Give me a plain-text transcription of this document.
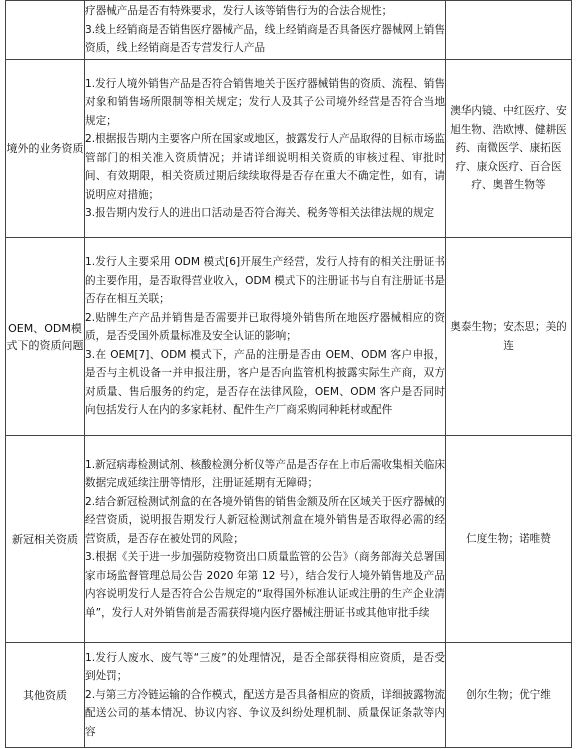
	疗器械产品是否有特殊要求，发行人该等销售行为的合法合规性；
3.线上经销商是否销售医疗器械产品，线上经销商是否具备医疗器械网上销售资质，线上经销商是否专营发行人产品	

境外的业务资质	1.发行人境外销售产品是否符合销售地关于医疗器械销售的资质、流程、销售对象和销售场所限制等相关规定；发行人及其子公司境外经营是否符合当地规定；
2.根据报告期内主要客户所在国家或地区，披露发行人产品取得的目标市场监管部门的相关准入资质情况；并请详细说明相关资质的审核过程、审批时间、有效期限，相关资质过期后续续取得是否存在重大不确定性，如有，请说明应对措施；
3.报告期内发行人的进出口活动是否符合海关、税务等相关法律法规的规定	澳华内镜、中红医疗、安旭生物、浩欧博、健耕医药、南微医学、康拓医疗、康众医疗、百合医疗、奥普生物等
OEM、ODM模式下的资质问题	1.发行人主要采用 ODM 模式[6]开展生产经营，发行人持有的相关注册证书的主要作用，是否取得营业收入，ODM 模式下的注册证书与自有注册证书是否存在相互关联；
2.贴牌生产产品并销售是否需要并已取得境外销售所在地医疗器械相应的资质，是否受国外质量标准及安全认证的影响；
3.在 OEM[7]、ODM 模式下，产品的注册是否由 OEM、ODM 客户申报，是否与主机设备一并申报注册，客户是否向监管机构披露实际生产商，双方对质量、售后服务的约定，是否存在法律风险，OEM、ODM 客户是否同时向包括发行人在内的多家耗材、配件生产厂商采购同种耗材或配件	奥泰生物；安杰思；美的连
新冠相关资质	1.新冠病毒检测试剂、核酸检测分析仪等产品是否存在上市后需收集相关临床数据完成延续注册等情形，注册证延期有无障碍；
2.结合新冠检测试剂盒的在各境外销售的销售金额及所在区域关于医疗器械的经营资质，说明报告期发行人新冠检测试剂盒在境外销售是否取得必需的经营资质，是否存在被处罚的风险；
3.根据《关于进一步加强防疫物资出口质量监管的公告》（商务部海关总署国家市场监督管理总局公告 2020 年第 12 号），结合发行人境外销售地及产品内容说明发行人是否符合公告规定的“取得国外标准认证或注册的生产企业清单”，发行人对外销售前是否需获得境内医疗器械注册证书或其他审批手续	仁度生物；诺唯赞
其他资质	1.发行人废水、废气等“三废”的处理情况，是否全部获得相应资质，是否受到处罚；
2.与第三方冷链运输的合作模式，配送方是否具备相应的资质，详细披露物流配送公司的基本情况、协议内容、争议及纠纷处理机制、质量保证条款等内容	创尔生物；优宁维
